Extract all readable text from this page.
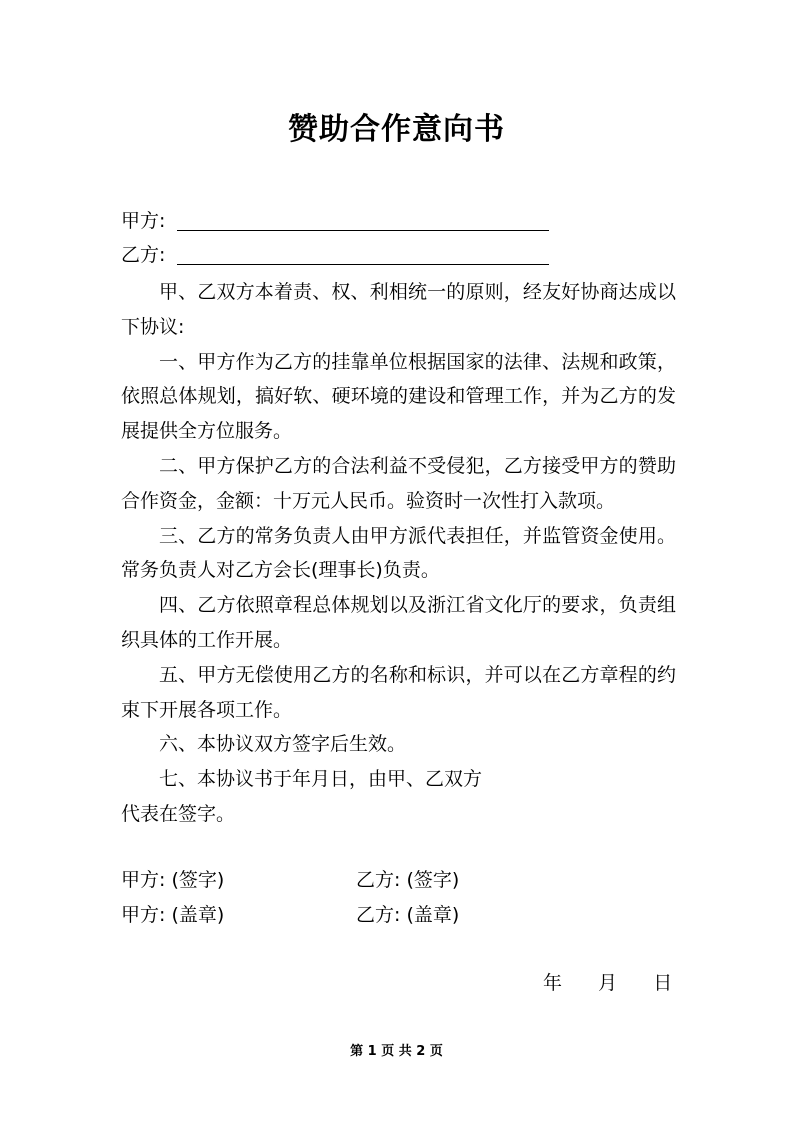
赞助合作意向书
甲方:
乙方:

甲、乙双方本着责、权、利相统一的原则，经友好协商达成以下协议:

一、甲方作为乙方的挂靠单位根据国家的法律、法规和政策，依照总体规划，搞好软、硬环境的建设和管理工作，并为乙方的发展提供全方位服务。

二、甲方保护乙方的合法利益不受侵犯，乙方接受甲方的赞助合作资金，金额：十万元人民币。验资时一次性打入款项。

三、乙方的常务负责人由甲方派代表担任，并监管资金使用。常务负责人对乙方会长(理事长)负责。

四、乙方依照章程总体规划以及浙江省文化厅的要求，负责组织具体的工作开展。

五、甲方无偿使用乙方的名称和标识，并可以在乙方章程的约束下开展各项工作。

六、本协议双方签字后生效。

七、本协议书于年月日，由甲、乙双方

代表在签字。

甲方: (签字)	乙方: (签字)
甲方: (盖章)	乙方: (盖章)
年 月 日
第 1 页 共 2 页
